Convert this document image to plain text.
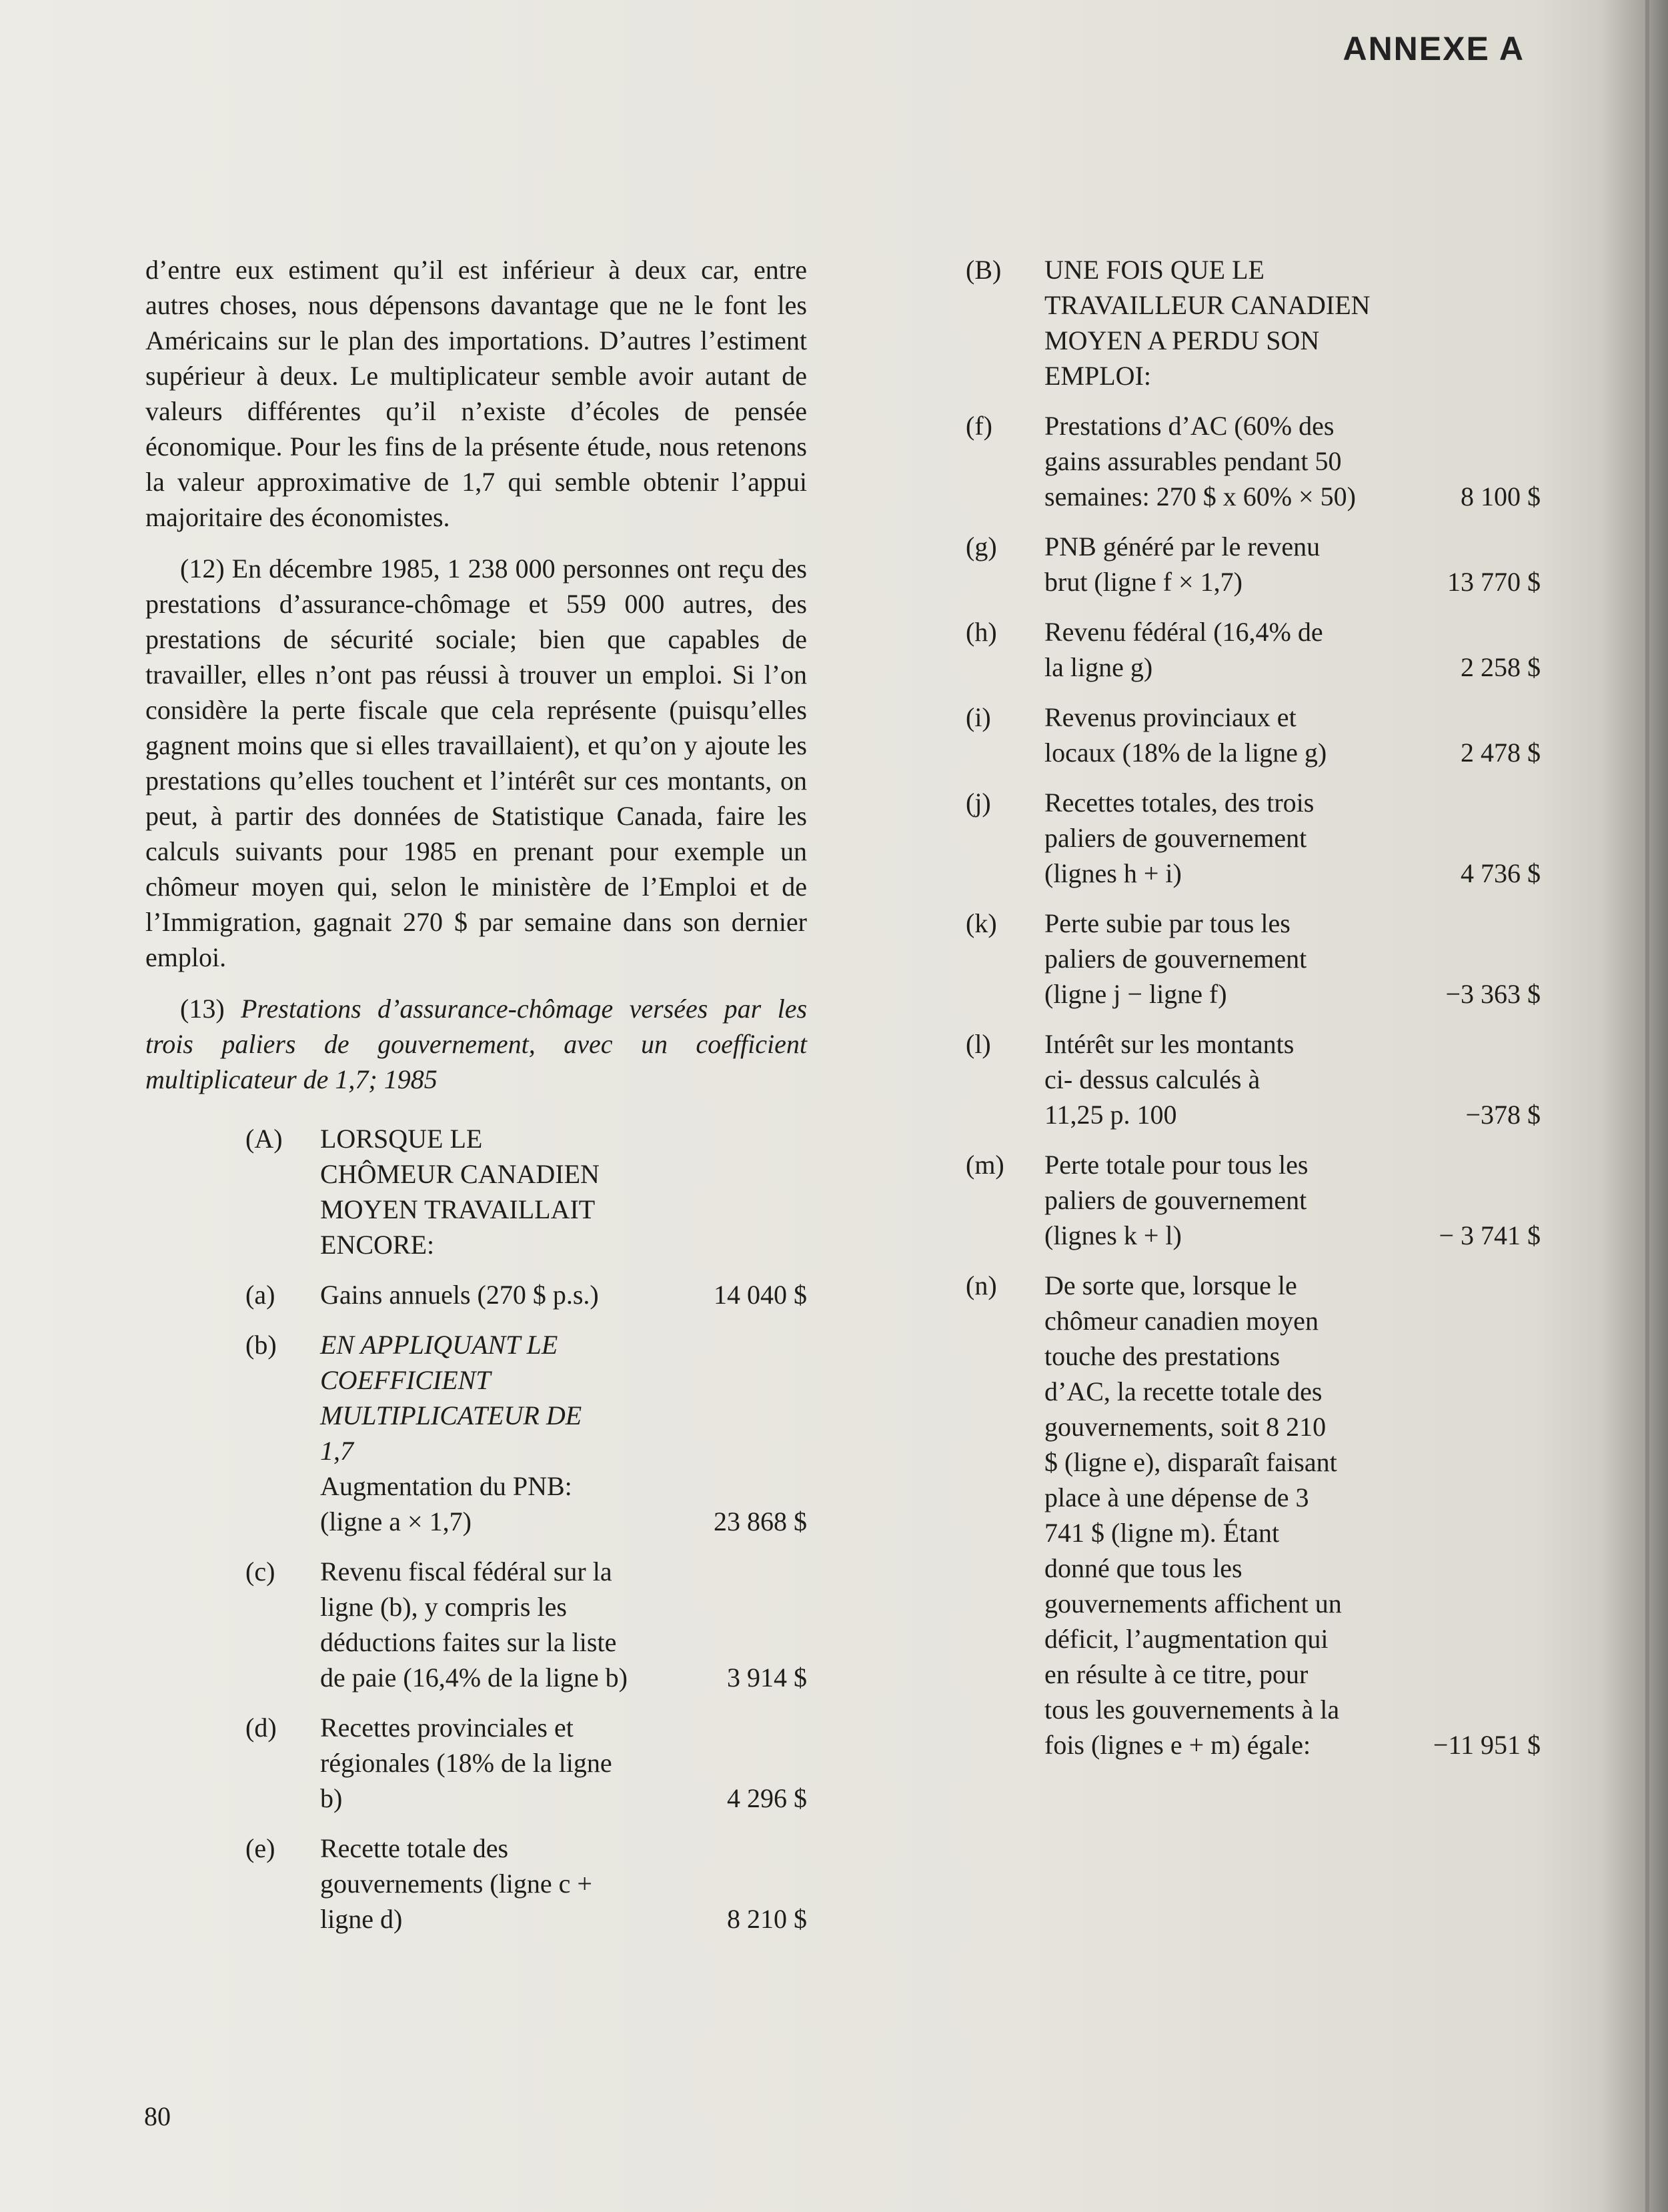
ANNEXE A

d’entre eux estiment qu’il est inférieur à deux car, entre autres choses, nous dépensons davantage que ne le font les Américains sur le plan des importations. D’autres l’estiment supérieur à deux. Le multiplicateur semble avoir autant de valeurs différentes qu’il n’existe d’écoles de pensée économique. Pour les fins de la présente étude, nous retenons la valeur approximative de 1,7 qui semble obtenir l’appui majoritaire des économistes.

(12) En décembre 1985, 1 238 000 personnes ont reçu des prestations d’assurance-chômage et 559 000 autres, des prestations de sécurité sociale; bien que capables de travailler, elles n’ont pas réussi à trouver un emploi. Si l’on considère la perte fiscale que cela représente (puisqu’elles gagnent moins que si elles travaillaient), et qu’on y ajoute les prestations qu’elles touchent et l’intérêt sur ces montants, on peut, à partir des données de Statistique Canada, faire les calculs suivants pour 1985 en prenant pour exemple un chômeur moyen qui, selon le ministère de l’Emploi et de l’Immigration, gagnait 270 $ par semaine dans son dernier emploi.

(13) Prestations d’assurance-chômage versées par les trois paliers de gouvernement, avec un coefficient multiplicateur de 1,7; 1985

(A)	LORSQUE LE CHÔMEUR CANADIEN MOYEN TRAVAILLAIT ENCORE:
(a)	Gains annuels (270 $ p.s.)	14 040 $
(b)	EN APPLIQUANT LE COEFFICIENT MULTIPLICATEUR DE 1,7
Augmentation du PNB: (ligne a × 1,7)	23 868 $
(c)	Revenu fiscal fédéral sur la ligne (b), y compris les déductions faites sur la liste de paie (16,4% de la ligne b)	3 914 $
(d)	Recettes provinciales et régionales (18% de la ligne b)	4 296 $
(e)	Recette totale des gouvernements (ligne c + ligne d)	8 210 $
(B)	UNE FOIS QUE LE TRAVAILLEUR CANADIEN MOYEN A PERDU SON EMPLOI:
(f)	Prestations d’AC (60% des gains assurables pendant 50 semaines: 270 $ x 60% × 50)	8 100 $
(g)	PNB généré par le revenu brut (ligne f × 1,7)	13 770 $
(h)	Revenu fédéral (16,4% de la ligne g)	2 258 $
(i)	Revenus provinciaux et locaux (18% de la ligne g)	2 478 $
(j)	Recettes totales, des trois paliers de gouvernement (lignes h + i)	4 736 $
(k)	Perte subie par tous les paliers de gouvernement (ligne j − ligne f)	−3 363 $
(l)	Intérêt sur les montants ci- dessus calculés à 11,25 p. 100	−378 $
(m)	Perte totale pour tous les paliers de gouvernement (lignes k + l)	− 3 741 $
(n)	De sorte que, lorsque le chômeur canadien moyen touche des prestations d’AC, la recette totale des gouvernements, soit 8 210 $ (ligne e), disparaît faisant place à une dépense de 3 741 $ (ligne m). Étant donné que tous les gouvernements affichent un déficit, l’augmentation qui en résulte à ce titre, pour tous les gouvernements à la fois (lignes e + m) égale:	−11 951 $
80
